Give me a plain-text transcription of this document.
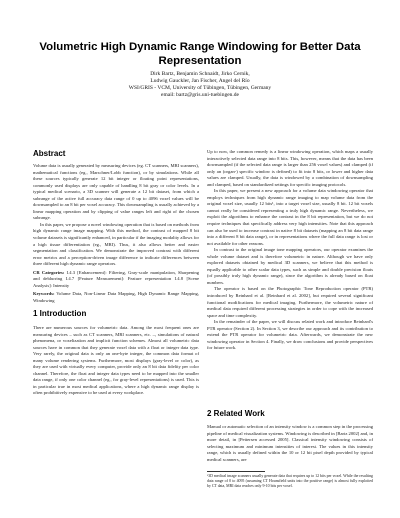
Volumetric High Dynamic Range Windowing for Better Data
Representation
Dirk Bartz, Benjamin Schnaidt, Jirko Cernik,
Ludwig Gauckler, Jan Fischer, Angel del Río
WSI/GRIS - VCM, University of Tübingen, Tübingen, Germany
email: bartz@gris.uni-tuebingen.de
Abstract

Volume data is usually generated by measuring devices (eg. CT scanners, MRI scanners), mathematical functions (eg., Marschner/Lobb function), or by simulations. While all these sources typically generate 12 bit integer or floating point representations, commonly used displays are only capable of handling 8 bit gray or color levels. In a typical medical scenario, a 3D scanner will generate a 12 bit dataset, from which a subrange of the active full accuracy data range of 0 up to 4096 voxel values will be downsampled to an 8 bit per voxel accuracy. This downsampling is usually achieved by a linear mapping operation and by clipping of value ranges left and right of the chosen subrange.

In this paper, we propose a novel windowing operation that is based on methods from high dynamic range image mapping. With this method, the contrast of mapped 8 bit volume datasets is significantly enhanced, in particular if the imaging modality allows for a high tissue differentiation (eg., MRI). Thus, it also allows better and easier segmentation and classification. We demonstrate the improved contrast with different error metrics and a perception-driven image difference to indicate differences between three different high dynamic range operators.

CR Categories: I.4.3 [Enhancement]: Filtering, Gray-scale manipulation, Sharpening and deblurring I.4.7 [Feature Measurement]: Feature representation I.4.8 [Scene Analysis]: Intensity

Keywords: Volume Data, Non-Linear Data Mapping, High Dynamic Range Mapping, Windowing

1 Introduction

There are numerous sources for volumetric data. Among the most frequent ones are measuring devices – such as CT scanners, MRI scanners, etc. –, simulations of natural phenomena, or voxelization and implicit function schemes. Almost all volumetric data sources have in common that they generate voxel data with a float or integer data type. Very rarely, the original data is only an one-byte integer, the common data format of many volume rendering systems. Furthermore, most displays (gray-level or color), as they are used with virtually every computer, provide only an 8 bit data fidelity per color channel. Therefore, the float and integer data types need to be mapped into the smaller data range, if only one color channel (eg., for gray-level representations) is used. This is in particular true in most medical applications, where a high dynamic range display is often prohibitively expensive to be used at every workplace.

Up to now, the common remedy is a linear windowing operation, which maps a usually interactively selected data range into 8 bits. This, however, means that the data has been downsampled (if the selected data range is larger than 256 voxel values) and clamped (if only an (organ-) specific window is defined) to fit into 8 bits, or lower and higher data values are clamped. Usually, the data is windowed by a combination of downsampling and clamped, based on standardized settings for specific imaging protocols.

In this paper, we present a new approach for a volume data windowing operator that employs techniques from high dynamic range imaging to map volume data from the original voxel size, usually 12 bits¹, into a target voxel size, usually 8 bit. 12 bit voxels cannot really be considered representing a truly high dynamic range. Nevertheless, we exploit the algorithms to enhance the contrast in the 8 bit representation, but we do not require techniques that specifically address very high intensities. Note that this approach can also be used to increase contrast in native 8 bit datasets (mapping an 8 bit data range into a different 8 bit data range), or in representations where the full data range is lost or not available for other reasons.

In contrast to the original image tone mapping operators, our operator examines the whole volume dataset and is therefore volumetric in nature. Although we have only explored datasets obtained by medical 3D scanners, we believe that this method is equally applicable to other scalar data types, such as simple and double precision floats (of possibly truly high dynamic range), since the algorithm is already based on float numbers.

The operator is based on the Photographic Tone Reproduction operator (PTR) introduced by Reinhard et al. [Reinhard et al. 2002], but required several significant functional modifications for medical imaging. Furthermore, the volumetric nature of medical data required different processing strategies in order to cope with the increased space and time complexity.

In the remainder of the paper, we will discuss related work and introduce Reinhard's PTR operator (Section 2). In Section 3, we describe our approach and its contribution to extend the PTR operator for volumetric data. Afterwards, we demonstrate the new windowing operator in Section 4. Finally, we draw conclusions and provide perspectives for future work.

2 Related Work

Manual or automatic selection of an intensity window is a common step in the processing pipeline of medical visualization systems. Windowing is described in [Bartz 2002] and, in more detail, in [Pettersen accessed 2005]. Classical intensity windowing consists of selecting maximum and minimum intensities of interest. The values in this intensity range, which is usually defined within the 10 or 12 bit pixel depth provided by typical medical scanners, are

¹3D medical image scanners usually generate data that requires up to 12 bits per voxel. While the resulting data range of 0 to 4095 (assuming CT Hounsfield units into the positive range) is almost fully exploited by CT data, MRI data reaches only 9-10 bits per voxel.
